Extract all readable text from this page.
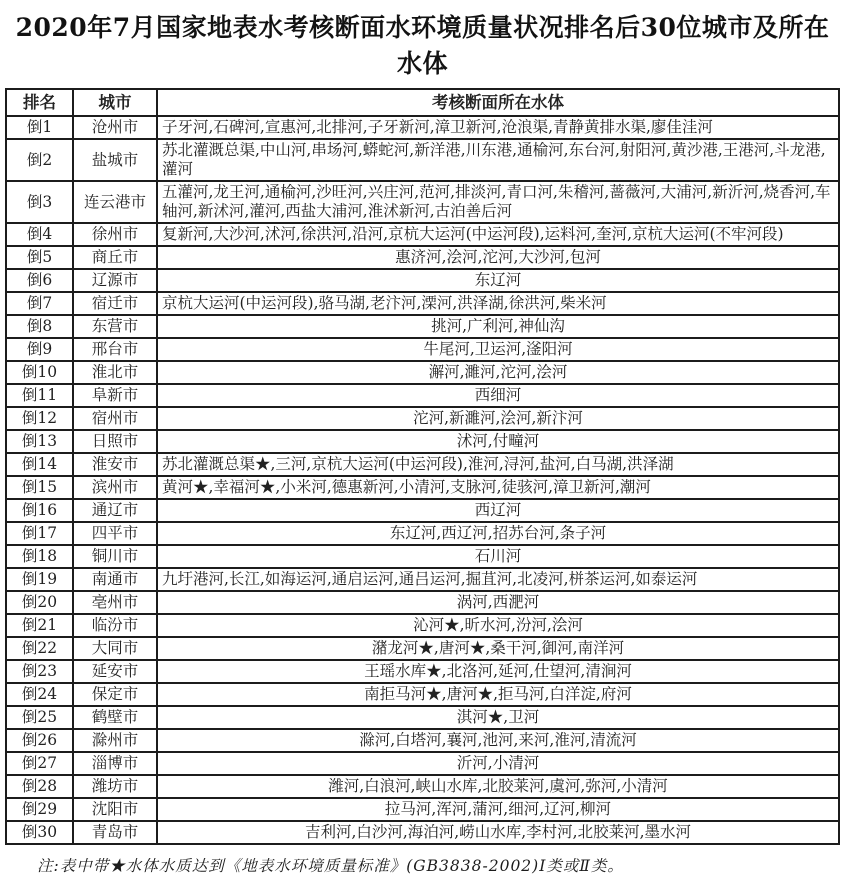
2020年7月国家地表水考核断面水环境质量状况排名后30位城市及所在水体
排名	城市	考核断面所在水体
倒1	沧州市	子牙河,石碑河,宣惠河,北排河,子牙新河,漳卫新河,沧浪渠,青静黄排水渠,廖佳洼河
倒2	盐城市	苏北灌溉总渠,中山河,串场河,蟒蛇河,新洋港,川东港,通榆河,东台河,射阳河,黄沙港,王港河,斗龙港,灌河
倒3	连云港市	五灌河,龙王河,通榆河,沙旺河,兴庄河,范河,排淡河,青口河,朱稽河,蔷薇河,大浦河,新沂河,烧香河,车轴河,新沭河,灌河,西盐大浦河,淮沭新河,古泊善后河
倒4	徐州市	复新河,大沙河,沭河,徐洪河,沿河,京杭大运河(中运河段),运料河,奎河,京杭大运河(不牢河段)
倒5	商丘市	惠济河,浍河,沱河,大沙河,包河
倒6	辽源市	东辽河
倒7	宿迁市	京杭大运河(中运河段),骆马湖,老汴河,溧河,洪泽湖,徐洪河,柴米河
倒8	东营市	挑河,广利河,神仙沟
倒9	邢台市	牛尾河,卫运河,滏阳河
倒10	淮北市	澥河,濉河,沱河,浍河
倒11	阜新市	西细河
倒12	宿州市	沱河,新濉河,浍河,新汴河
倒13	日照市	沭河,付疃河
倒14	淮安市	苏北灌溉总渠★,三河,京杭大运河(中运河段),淮河,浔河,盐河,白马湖,洪泽湖
倒15	滨州市	黄河★,幸福河★,小米河,德惠新河,小清河,支脉河,徒骇河,漳卫新河,潮河
倒16	通辽市	西辽河
倒17	四平市	东辽河,西辽河,招苏台河,条子河
倒18	铜川市	石川河
倒19	南通市	九圩港河,长江,如海运河,通启运河,通吕运河,掘苴河,北凌河,栟茶运河,如泰运河
倒20	亳州市	涡河,西淝河
倒21	临汾市	沁河★,昕水河,汾河,浍河
倒22	大同市	潴龙河★,唐河★,桑干河,御河,南洋河
倒23	延安市	王瑶水库★,北洛河,延河,仕望河,清涧河
倒24	保定市	南拒马河★,唐河★,拒马河,白洋淀,府河
倒25	鹤壁市	淇河★,卫河
倒26	滁州市	滁河,白塔河,襄河,池河,来河,淮河,清流河
倒27	淄博市	沂河,小清河
倒28	潍坊市	潍河,白浪河,峡山水库,北胶莱河,虞河,弥河,小清河
倒29	沈阳市	拉马河,浑河,蒲河,细河,辽河,柳河
倒30	青岛市	吉利河,白沙河,海泊河,崂山水库,李村河,北胶莱河,墨水河
注:表中带★水体水质达到《地表水环境质量标准》(GB3838-2002)Ⅰ类或Ⅱ类。
